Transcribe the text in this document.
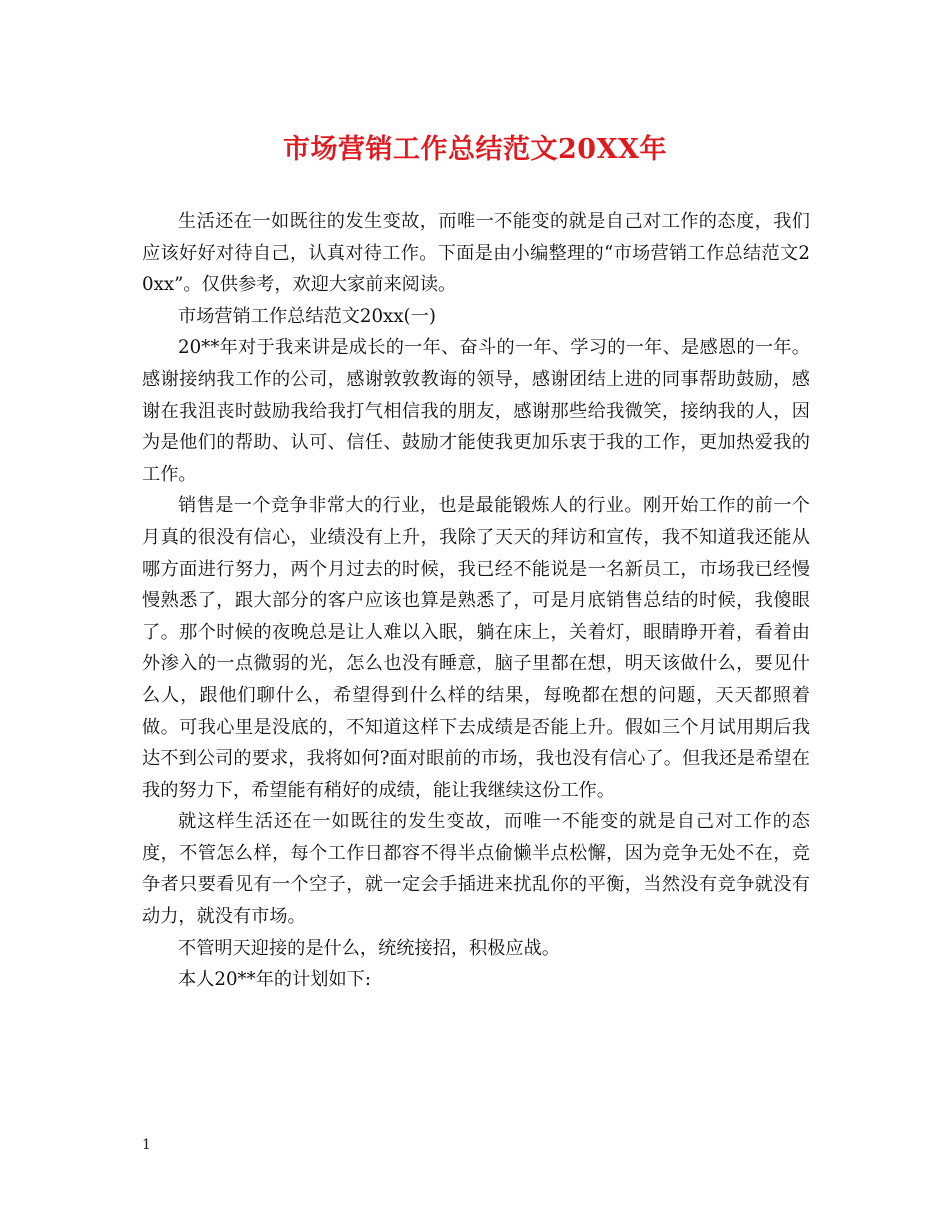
市场营销工作总结范文20XX年

生活还在一如既往的发生变故，而唯一不能变的就是自己对工作的态度，我们应该好好对待自己，认真对待工作。下面是由小编整理的“市场营销工作总结范文20xx”。仅供参考，欢迎大家前来阅读。

市场营销工作总结范文20xx(一)

20**年对于我来讲是成长的一年、奋斗的一年、学习的一年、是感恩的一年。感谢接纳我工作的公司，感谢敦敦教诲的领导，感谢团结上进的同事帮助鼓励，感谢在我沮丧时鼓励我给我打气相信我的朋友，感谢那些给我微笑，接纳我的人，因为是他们的帮助、认可、信任、鼓励才能使我更加乐衷于我的工作，更加热爱我的工作。

销售是一个竞争非常大的行业，也是最能锻炼人的行业。刚开始工作的前一个月真的很没有信心，业绩没有上升，我除了天天的拜访和宣传，我不知道我还能从哪方面进行努力，两个月过去的时候，我已经不能说是一名新员工，市场我已经慢慢熟悉了，跟大部分的客户应该也算是熟悉了，可是月底销售总结的时候，我傻眼了。那个时候的夜晚总是让人难以入眠，躺在床上，关着灯，眼睛睁开着，看着由外渗入的一点微弱的光，怎么也没有睡意，脑子里都在想，明天该做什么，要见什么人，跟他们聊什么，希望得到什么样的结果，每晚都在想的问题，天天都照着做。可我心里是没底的，不知道这样下去成绩是否能上升。假如三个月试用期后我达不到公司的要求，我将如何?面对眼前的市场，我也没有信心了。但我还是希望在我的努力下，希望能有稍好的成绩，能让我继续这份工作。

就这样生活还在一如既往的发生变故，而唯一不能变的就是自己对工作的态度，不管怎么样，每个工作日都容不得半点偷懒半点松懈，因为竞争无处不在，竞争者只要看见有一个空子，就一定会手插进来扰乱你的平衡，当然没有竞争就没有动力，就没有市场。

不管明天迎接的是什么，统统接招，积极应战。

本人20**年的计划如下:

1
